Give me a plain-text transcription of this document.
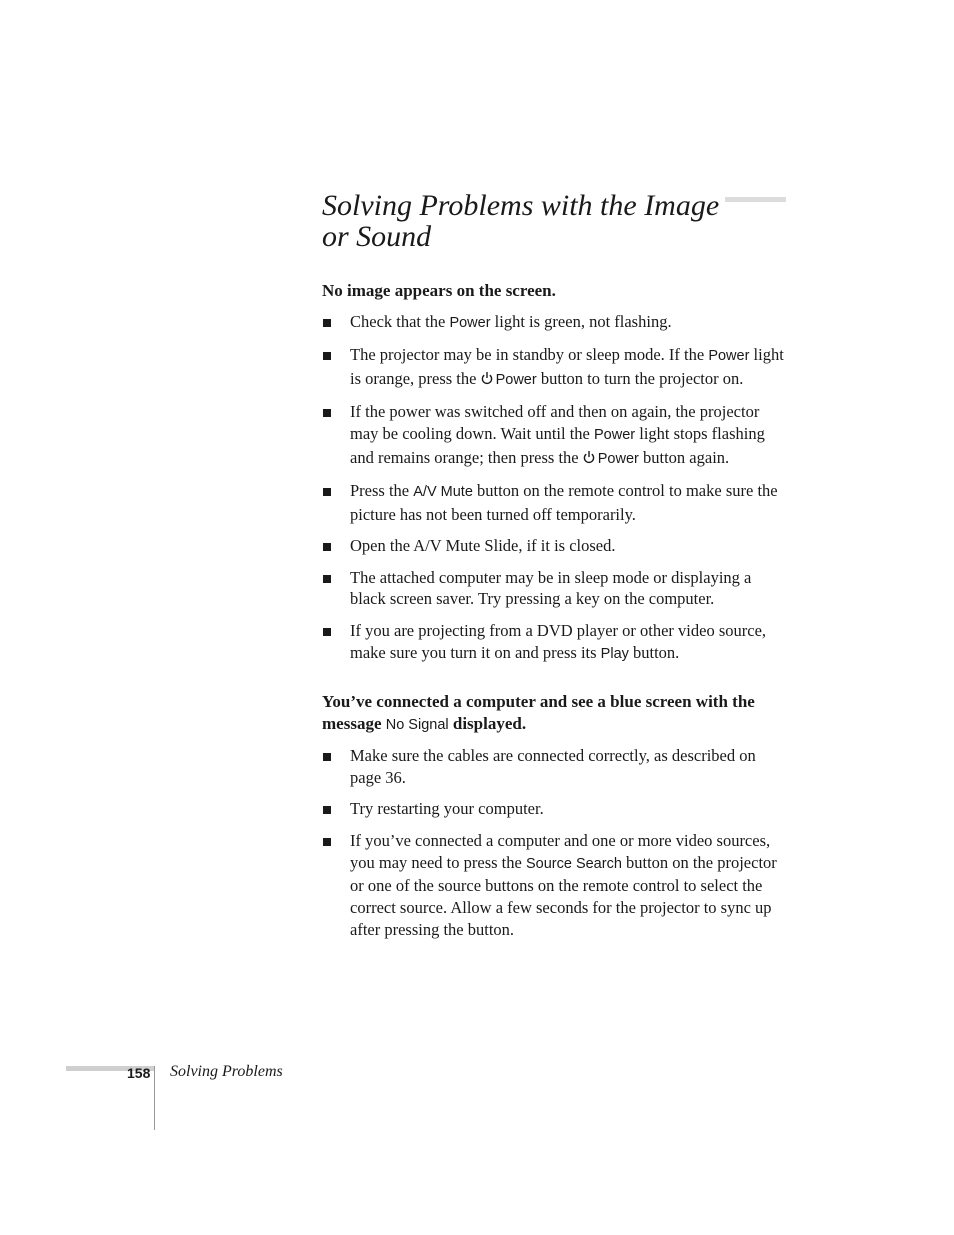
Solving Problems with the Image
or Sound

No image appears on the screen.

Check that the Power light is green, not flashing.
The projector may be in standby or sleep mode. If the Power light is orange, press the Power button to turn the projector on.
If the power was switched off and then on again, the projector may be cooling down. Wait until the Power light stops flashing and remains orange; then press the Power button again.
Press the A/V Mute button on the remote control to make sure the picture has not been turned off temporarily.
Open the A/V Mute Slide, if it is closed.
The attached computer may be in sleep mode or displaying a black screen saver. Try pressing a key on the computer.
If you are projecting from a DVD player or other video source, make sure you turn it on and press its Play button.

You’ve connected a computer and see a blue screen with the message No Signal displayed.

Make sure the cables are connected correctly, as described on page 36.
Try restarting your computer.
If you’ve connected a computer and one or more video sources, you may need to press the Source Search button on the projector or one of the source buttons on the remote control to select the correct source. Allow a few seconds for the projector to sync up after pressing the button.
158 Solving Problems
